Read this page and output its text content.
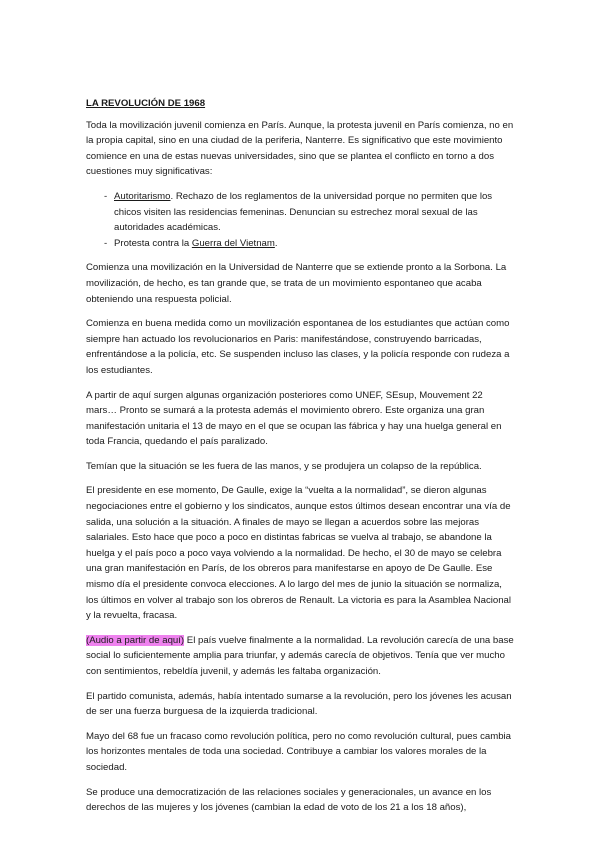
LA REVOLUCIÓN DE 1968

Toda la movilización juvenil comienza en París. Aunque, la protesta juvenil en París comienza, no en la propia capital, sino en una ciudad de la periferia, Nanterre. Es significativo que este movimiento comience en una de estas nuevas universidades, sino que se plantea el conflicto en torno a dos cuestiones muy significativas:

- Autoritarismo. Rechazo de los reglamentos de la universidad porque no permiten que los chicos visiten las residencias femeninas. Denuncian su estrechez moral sexual de las autoridades académicas.
- Protesta contra la Guerra del Vietnam.

Comienza una movilización en la Universidad de Nanterre que se extiende pronto a la Sorbona. La movilización, de hecho, es tan grande que, se trata de un movimiento espontaneo que acaba obteniendo una respuesta policial.

Comienza en buena medida como un movilización espontanea de los estudiantes que actúan como siempre han actuado los revolucionarios en Paris: manifestándose, construyendo barricadas, enfrentándose a la policía, etc. Se suspenden incluso las clases, y la policía responde con rudeza a los estudiantes.

A partir de aquí surgen algunas organización posteriores como UNEF, SEsup, Mouvement 22 mars… Pronto se sumará a la protesta además el movimiento obrero. Este organiza una gran manifestación unitaria el 13 de mayo en el que se ocupan las fábrica y hay una huelga general en toda Francia, quedando el país paralizado.

Temían que la situación se les fuera de las manos, y se produjera un colapso de la república.

El presidente en ese momento, De Gaulle, exige la “vuelta a la normalidad”, se dieron algunas negociaciones entre el gobierno y los sindicatos, aunque estos últimos desean encontrar una vía de salida, una solución a la situación. A finales de mayo se llegan a acuerdos sobre las mejoras salariales. Esto hace que poco a poco en distintas fabricas se vuelva al trabajo, se abandone la huelga y el país poco a poco vaya volviendo a la normalidad. De hecho, el 30 de mayo se celebra una gran manifestación en París, de los obreros para manifestarse en apoyo de De Gaulle. Ese mismo día el presidente convoca elecciones. A lo largo del mes de junio la situación se normaliza, los últimos en volver al trabajo son los obreros de Renault. La victoria es para la Asamblea Nacional y la revuelta, fracasa.

(Audio a partir de aquí) El país vuelve finalmente a la normalidad. La revolución carecía de una base social lo suficientemente amplia para triunfar, y además carecía de objetivos. Tenía que ver mucho con sentimientos, rebeldía juvenil, y además les faltaba organización.

El partido comunista, además, había intentado sumarse a la revolución, pero los jóvenes les acusan de ser una fuerza burguesa de la izquierda tradicional.

Mayo del 68 fue un fracaso como revolución política, pero no como revolución cultural, pues cambia los horizontes mentales de toda una sociedad. Contribuye a cambiar los valores morales de la sociedad.

Se produce una democratización de las relaciones sociales y generacionales, un avance en los derechos de las mujeres y los jóvenes (cambian la edad de voto de los 21 a los 18 años),
